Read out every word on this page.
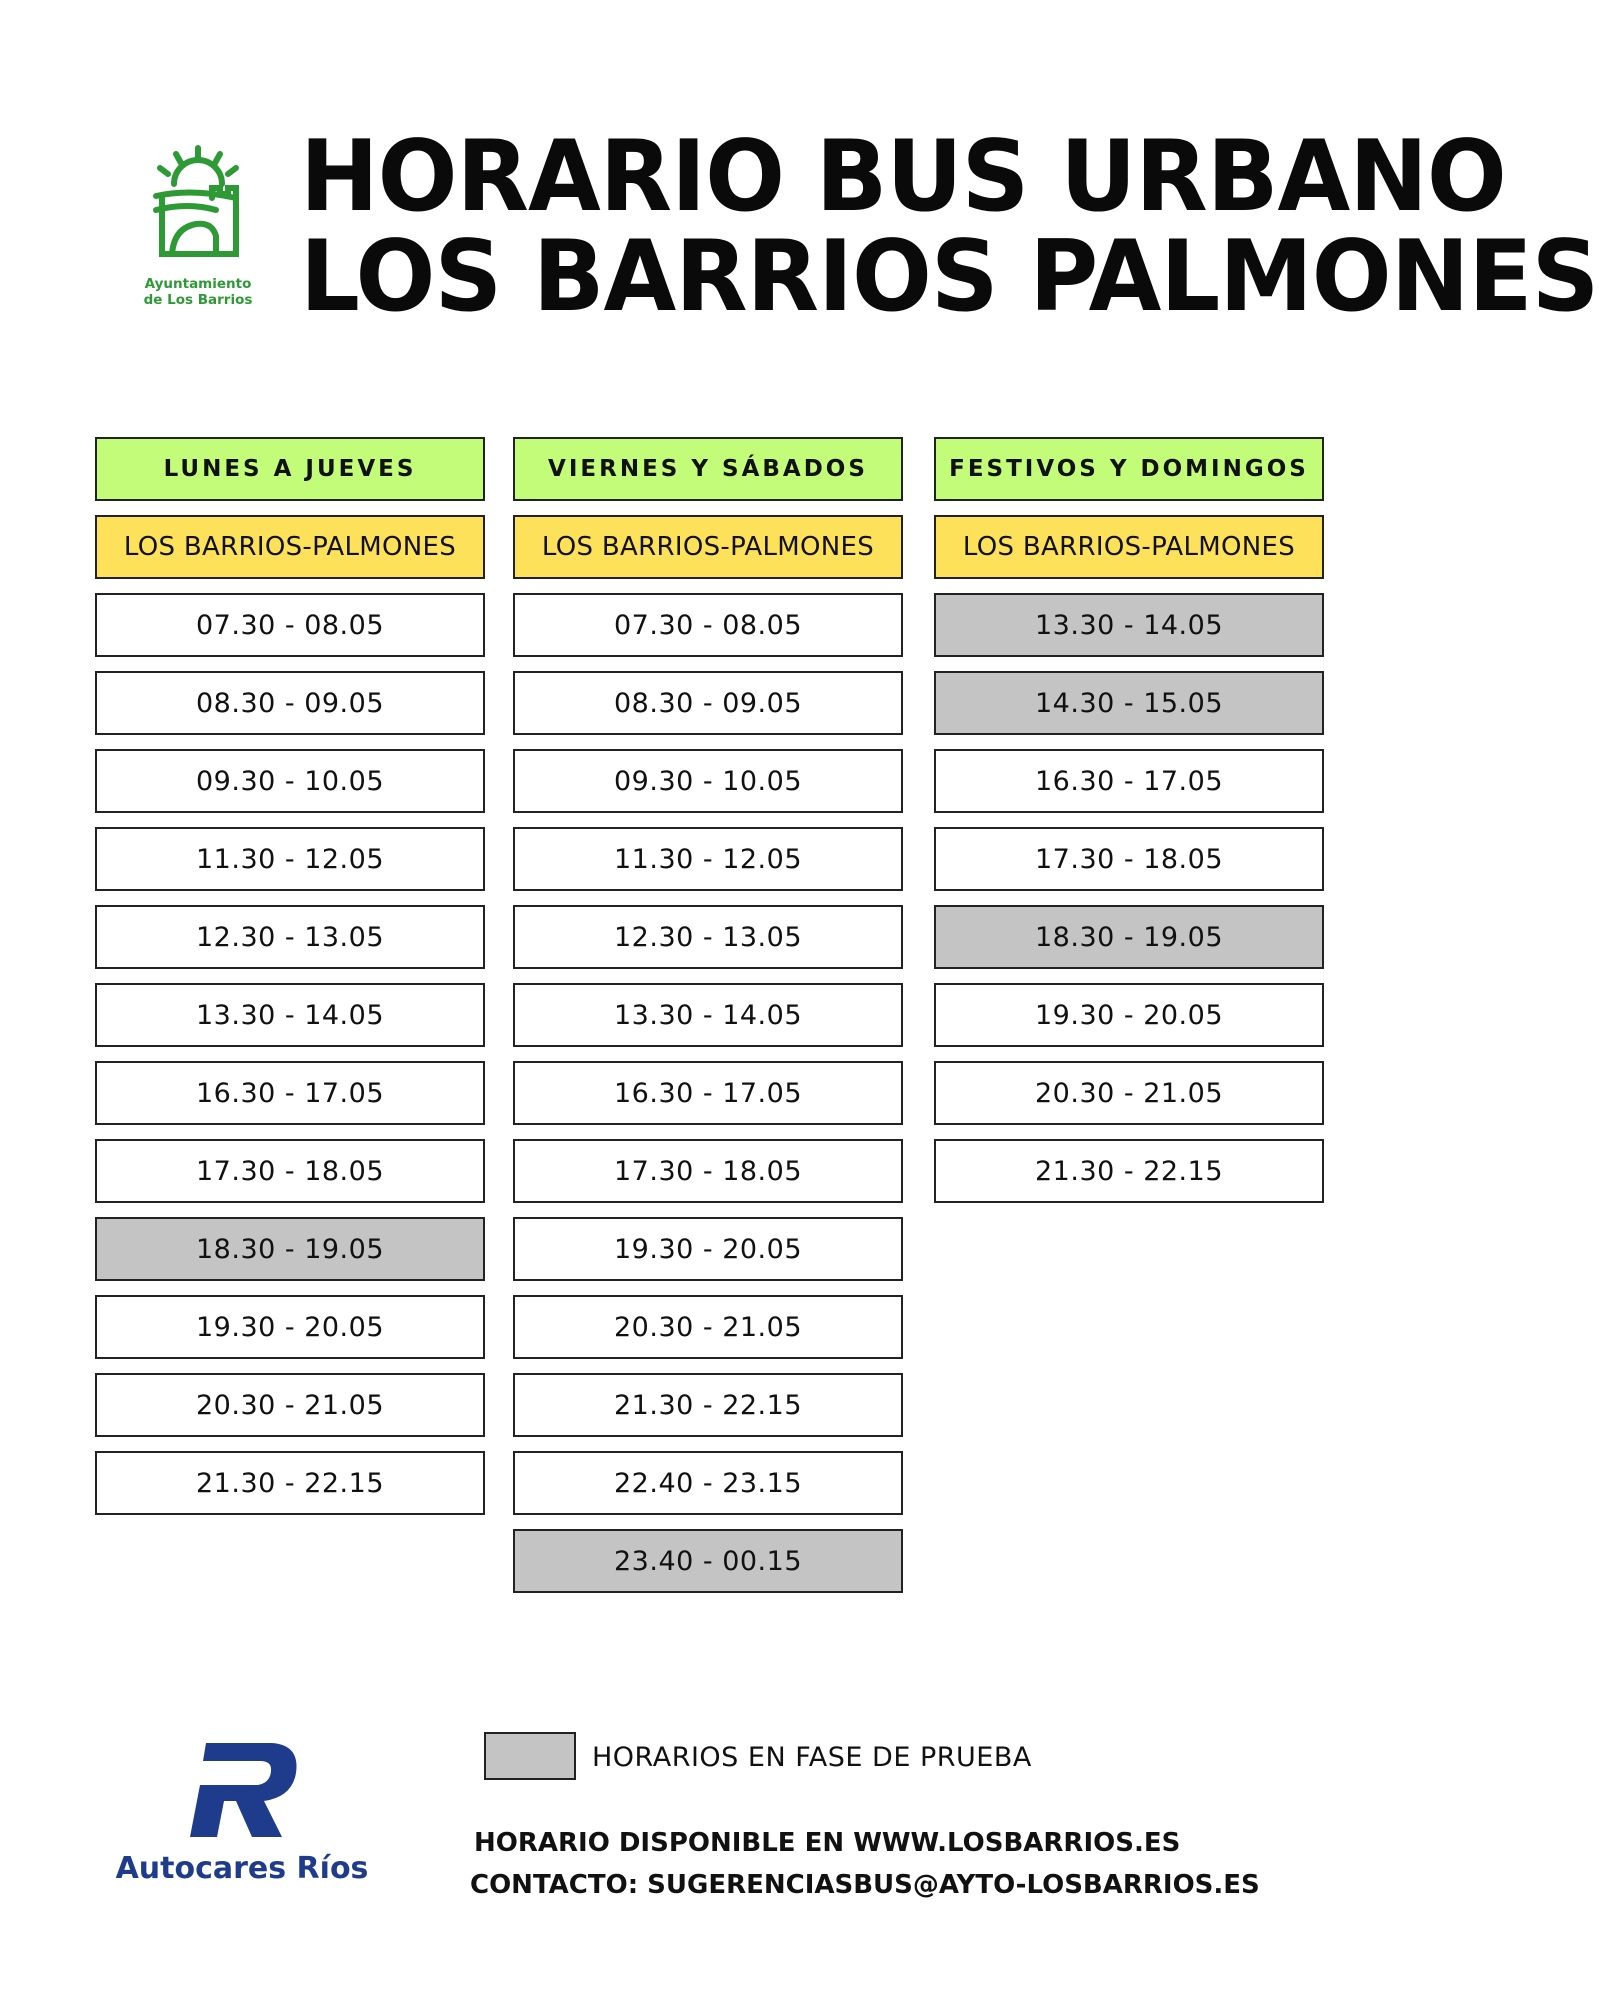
Ayuntamiento
de Los Barrios
HORARIO BUS URBANO
LOS BARRIOS PALMONES
LUNES A JUEVES
LOS BARRIOS-PALMONES
07.30 - 08.05
08.30 - 09.05
09.30 - 10.05
11.30 - 12.05
12.30 - 13.05
13.30 - 14.05
16.30 - 17.05
17.30 - 18.05
18.30 - 19.05
19.30 - 20.05
20.30 - 21.05
21.30 - 22.15
VIERNES Y SÁBADOS
LOS BARRIOS-PALMONES
07.30 - 08.05
08.30 - 09.05
09.30 - 10.05
11.30 - 12.05
12.30 - 13.05
13.30 - 14.05
16.30 - 17.05
17.30 - 18.05
19.30 - 20.05
20.30 - 21.05
21.30 - 22.15
22.40 - 23.15
23.40 - 00.15
FESTIVOS Y DOMINGOS
LOS BARRIOS-PALMONES
13.30 - 14.05
14.30 - 15.05
16.30 - 17.05
17.30 - 18.05
18.30 - 19.05
19.30 - 20.05
20.30 - 21.05
21.30 - 22.15
Autocares Ríos
HORARIOS EN FASE DE PRUEBA
HORARIO DISPONIBLE EN WWW.LOSBARRIOS.ES
CONTACTO: SUGERENCIASBUS@AYTO-LOSBARRIOS.ES
